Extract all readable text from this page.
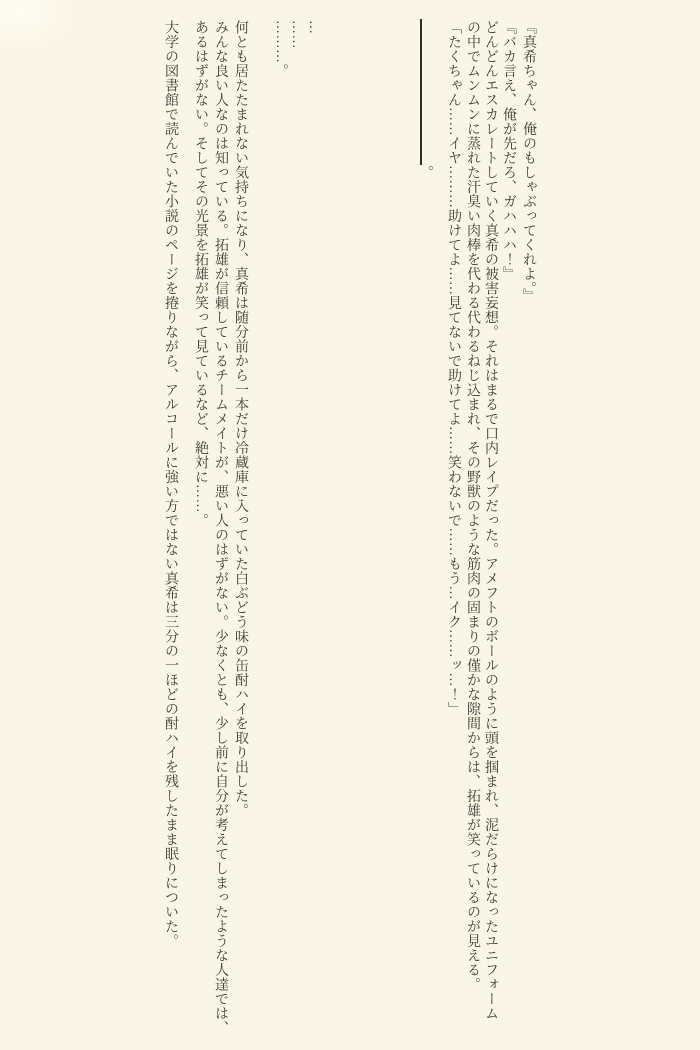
『真希ちゃん、俺のもしゃぶってくれよ。』
『バカ言え、俺が先だろ、ガハハハ！』
どんどんエスカレートしていく真希の被害妄想。それはまるで口内レイプだった。アメフトのボールのように頭を掴まれ、泥だらけになったユニフォーム
の中でムンムンに蒸れた汗臭い肉棒を代わる代わるねじ込まれ、その野獣のような筋肉の固まりの僅かな隙間からは、拓雄が笑っているのが見える。
「たくちゃん……イヤ………助けてよ……見てないで助けてよ……笑わないで……もう…イク……ッ…！」
。
…
……
………。
何とも居たたまれない気持ちになり、真希は随分前から一本だけ冷蔵庫に入っていた白ぶどう味の缶酎ハイを取り出した。
みんな良い人なのは知っている。拓雄が信頼しているチームメイトが、悪い人のはずがない。少なくとも、少し前に自分が考えてしまったような人達では、
あるはずがない。そしてその光景を拓雄が笑って見ているなど、絶対に……。
大学の図書館で読んでいた小説のページを捲りながら、アルコールに強い方ではない真希は三分の一ほどの酎ハイを残したまま眠りについた。
